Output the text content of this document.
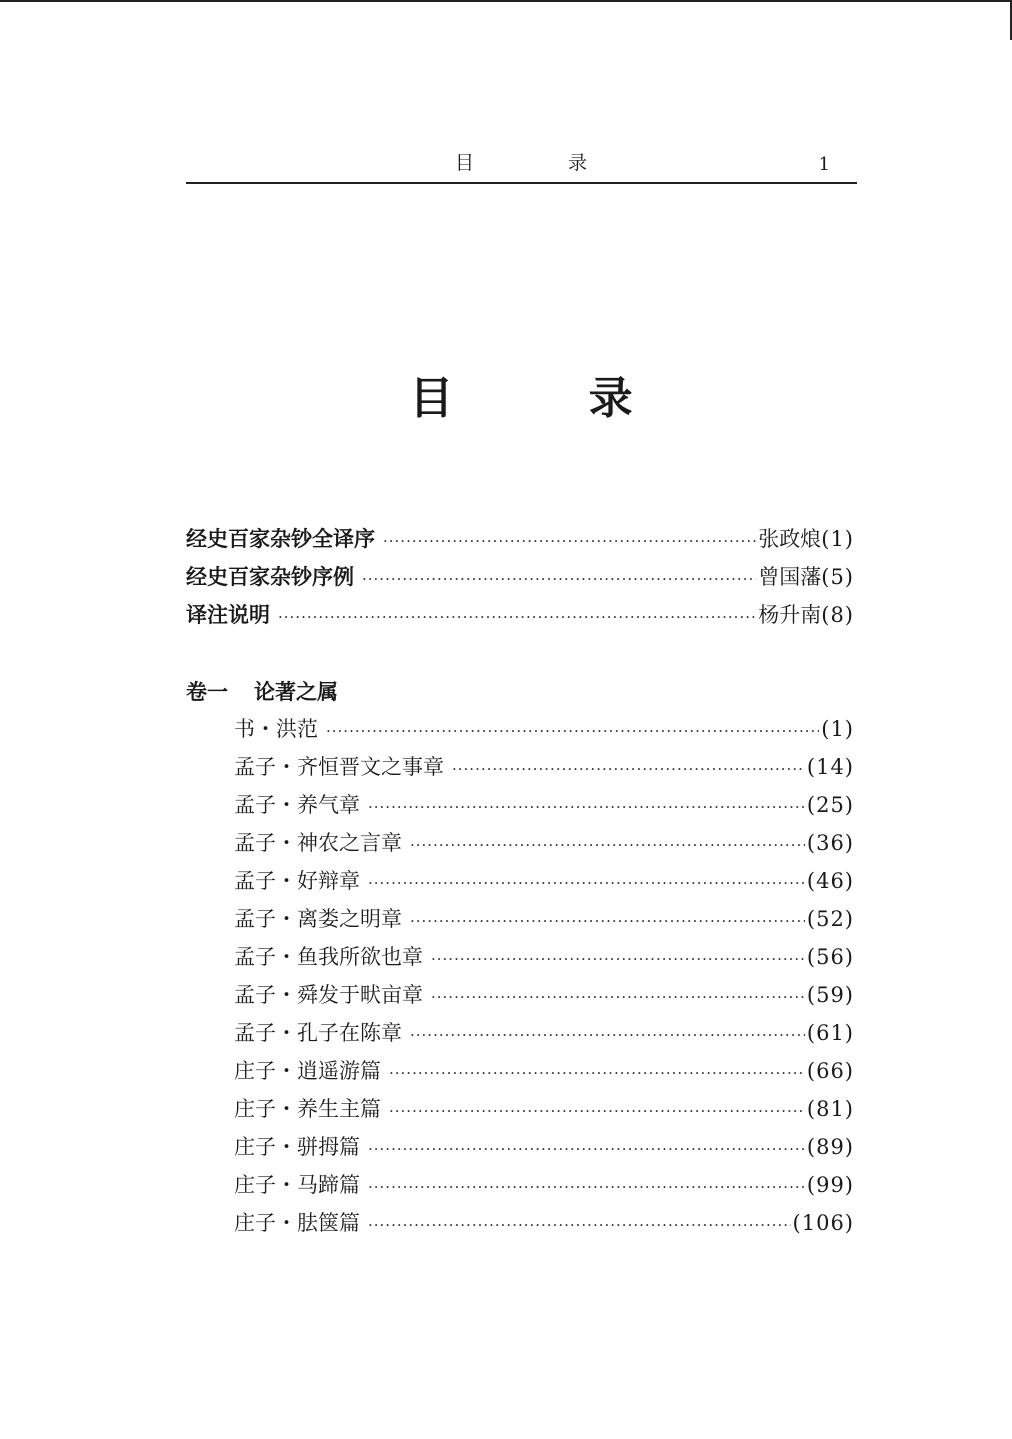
目 录	1
目 录
经史百家杂钞全译序 ·····	张政烺 (1)
经史百家杂钞序例 ·····	曾国藩 (5)
译注说明 ·····	杨升南 (8)
卷一 论著之属
书・洪范 ·····	(1)
孟子・齐恒晋文之事章 ·····	(14)
孟子・养气章 ·····	(25)
孟子・神农之言章 ·····	(36)
孟子・好辩章 ·····	(46)
孟子・离娄之明章 ·····	(52)
孟子・鱼我所欲也章 ·····	(56)
孟子・舜发于畎亩章 ·····	(59)
孟子・孔子在陈章 ·····	(61)
庄子・逍遥游篇 ·····	(66)
庄子・养生主篇 ·····	(81)
庄子・骈拇篇 ·····	(89)
庄子・马蹄篇 ·····	(99)
庄子・胠箧篇 ·····	(106)
